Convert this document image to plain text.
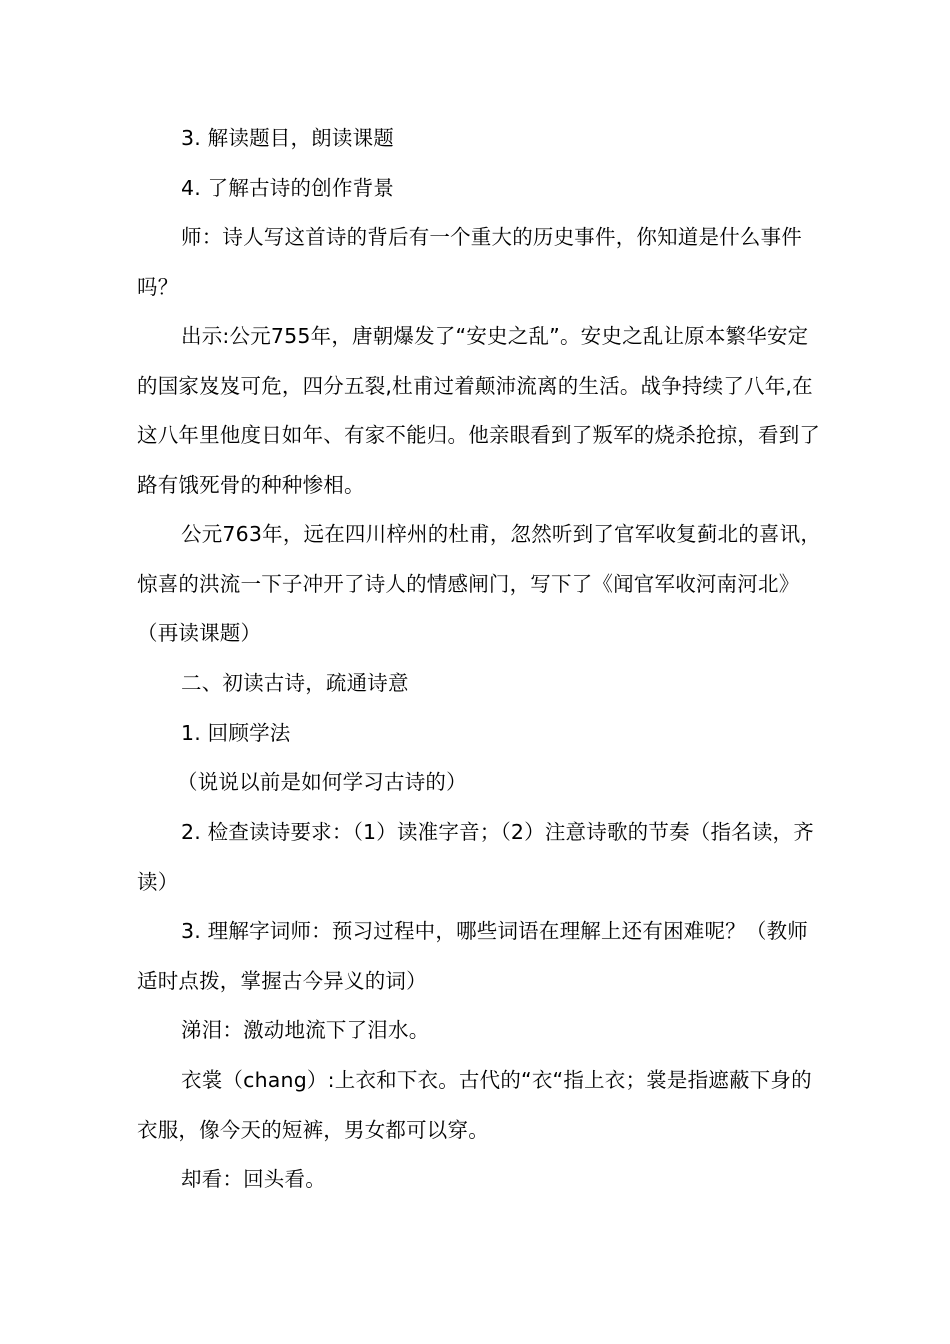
3. 解读题目，朗读课题

4. 了解古诗的创作背景

师：诗人写这首诗的背后有一个重大的历史事件，你知道是什么事件吗？

出示:公元755年，唐朝爆发了“安史之乱”。安史之乱让原本繁华安定的国家岌岌可危，四分五裂,杜甫过着颠沛流离的生活。战争持续了八年,在这八年里他度日如年、有家不能归。他亲眼看到了叛军的烧杀抢掠，看到了路有饿死骨的种种惨相。

公元763年，远在四川梓州的杜甫，忽然听到了官军收复蓟北的喜讯，惊喜的洪流一下子冲开了诗人的情感闸门，写下了《闻官军收河南河北》（再读课题）

二、初读古诗，疏通诗意

1. 回顾学法

（说说以前是如何学习古诗的）

2. 检查读诗要求：（1）读准字音；（2）注意诗歌的节奏（指名读，齐读）

3. 理解字词师：预习过程中，哪些词语在理解上还有困难呢？（教师适时点拨，掌握古今异义的词）

涕泪：激动地流下了泪水。

衣裳（chang）:上衣和下衣。古代的“衣“指上衣；裳是指遮蔽下身的衣服，像今天的短裤，男女都可以穿。

却看：回头看。
